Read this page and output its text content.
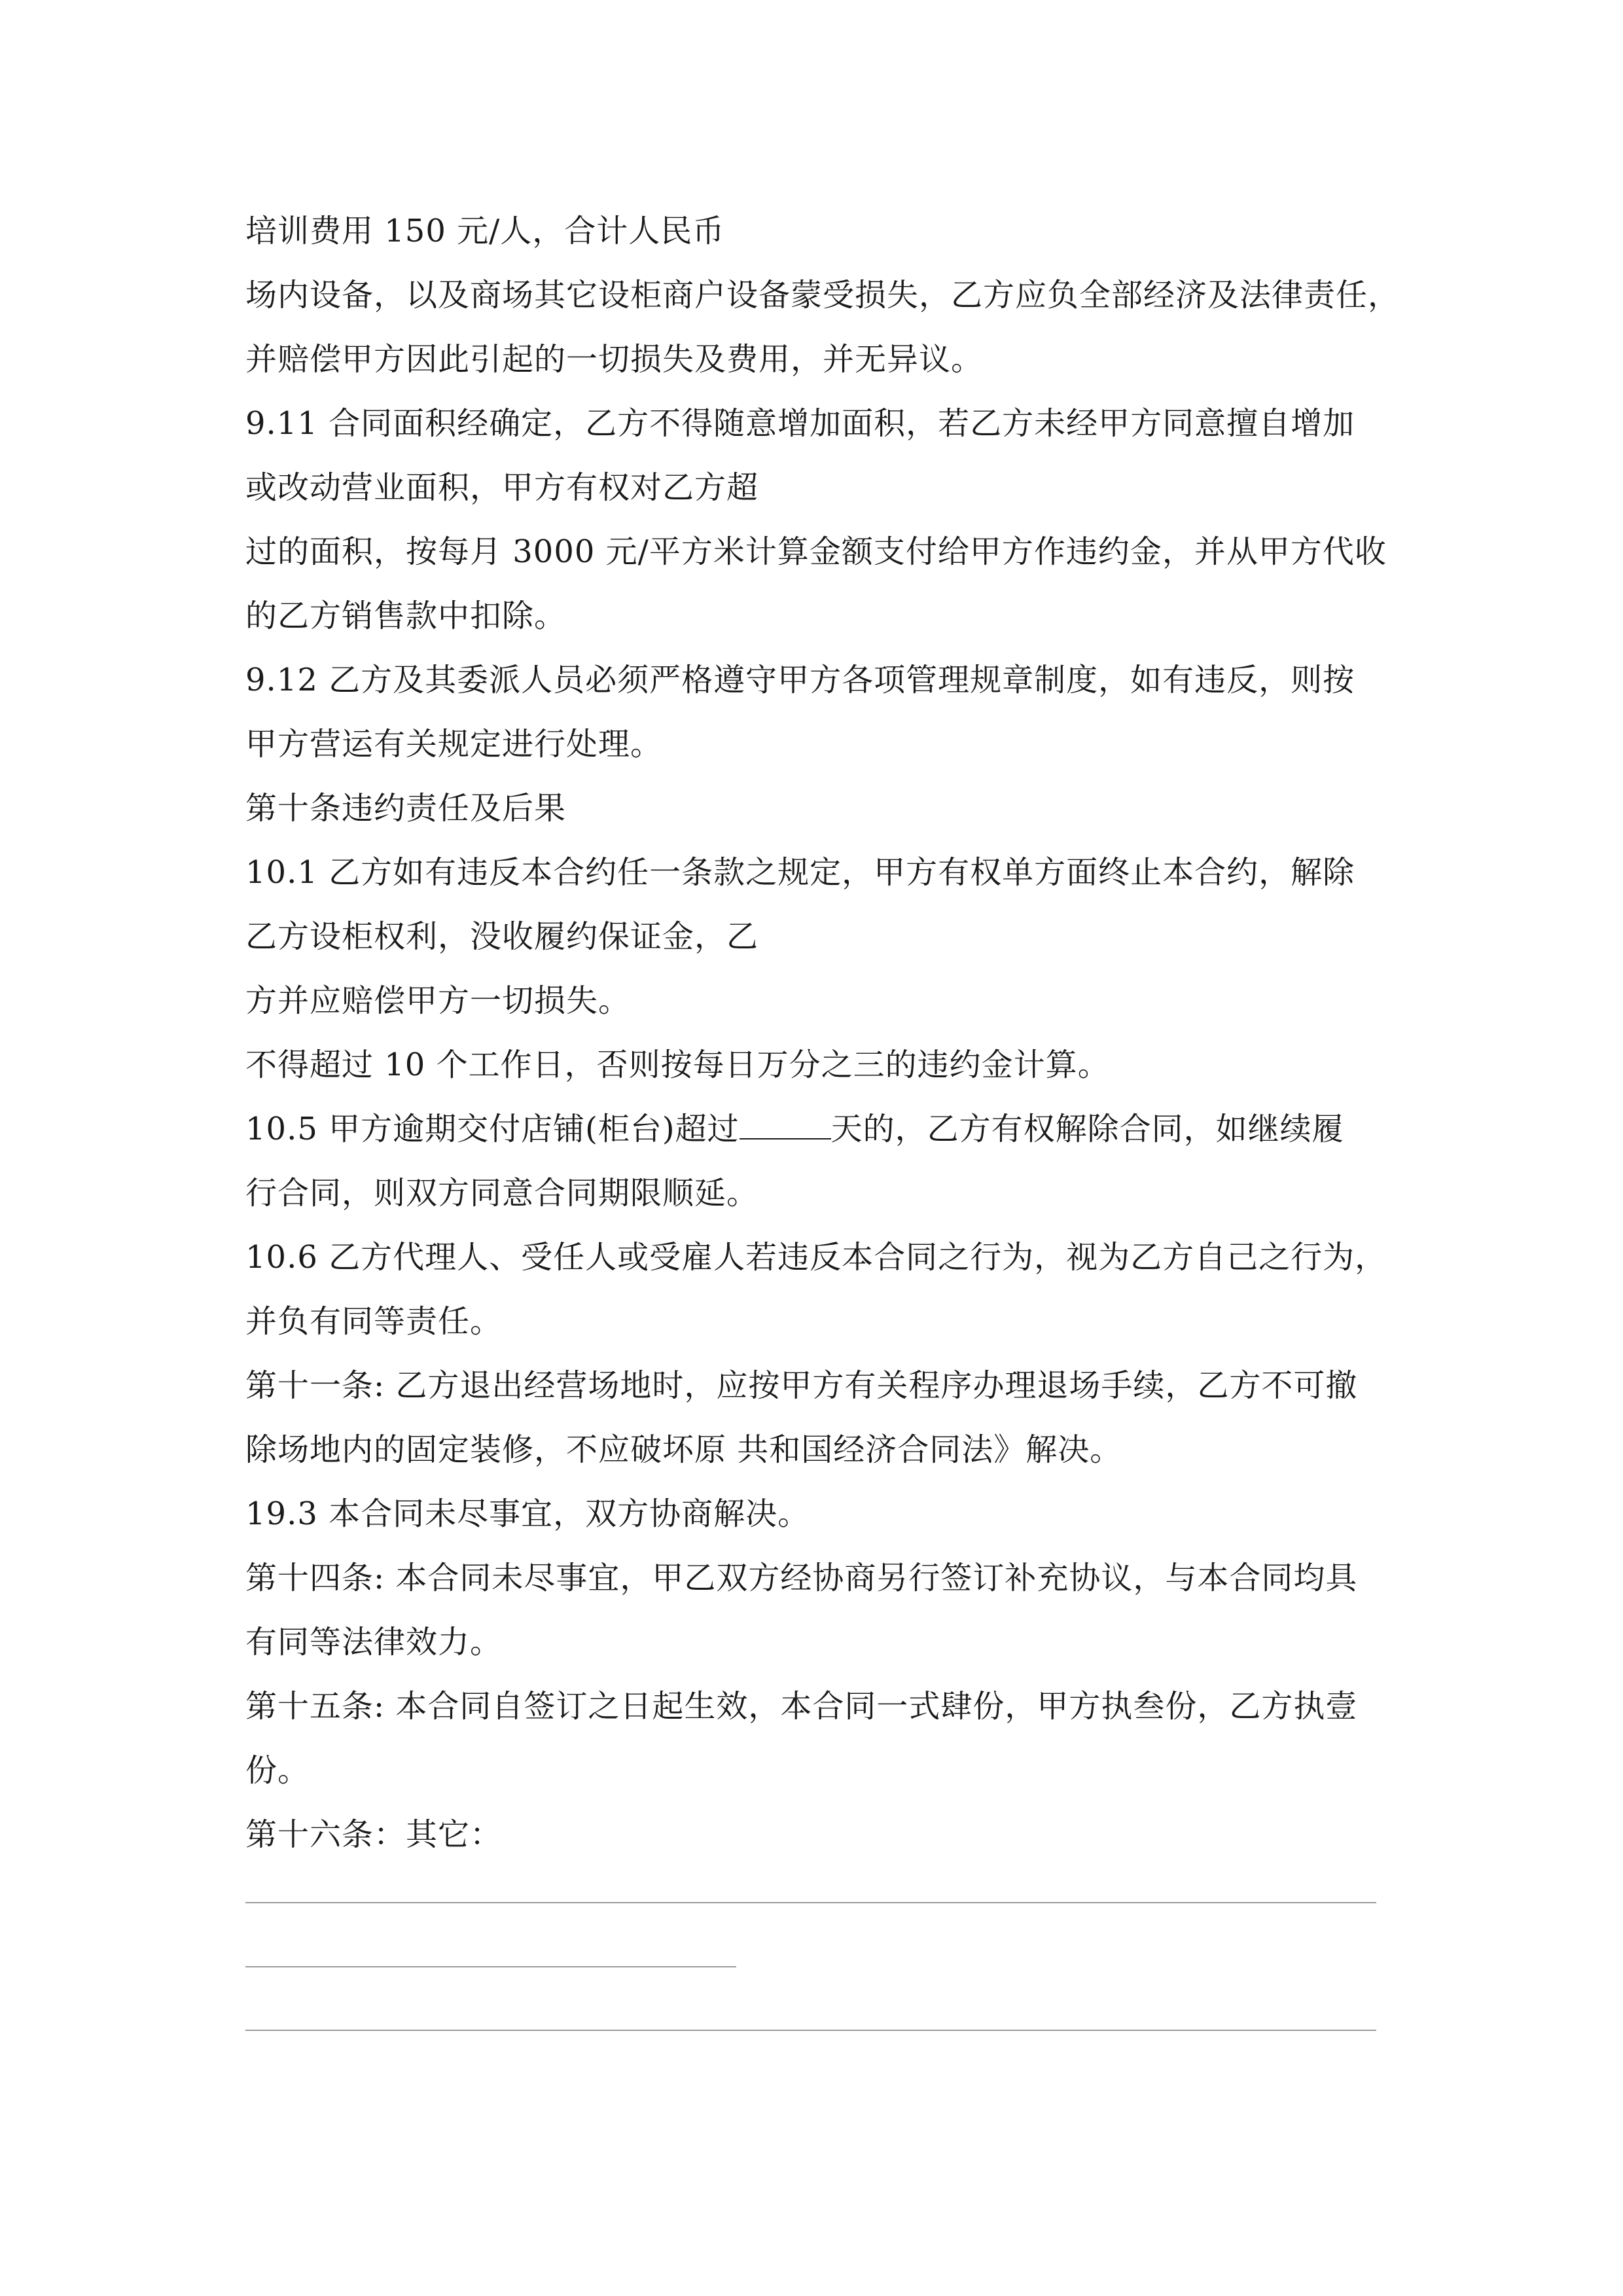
培训费用 150 元/人，合计人民币
场内设备，以及商场其它设柜商户设备蒙受损失，乙方应负全部经济及法律责任，
并赔偿甲方因此引起的一切损失及费用，并无异议。
9.11 合同面积经确定，乙方不得随意增加面积，若乙方未经甲方同意擅自增加
或改动营业面积，甲方有权对乙方超
过的面积，按每月 3000 元/平方米计算金额支付给甲方作违约金，并从甲方代收
的乙方销售款中扣除。
9.12 乙方及其委派人员必须严格遵守甲方各项管理规章制度，如有违反，则按
甲方营运有关规定进行处理。
第十条违约责任及后果
10.1 乙方如有违反本合约任一条款之规定，甲方有权单方面终止本合约，解除
乙方设柜权利，没收履约保证金，乙
方并应赔偿甲方一切损失。
不得超过 10 个工作日，否则按每日万分之三的违约金计算。
10.5 甲方逾期交付店铺(柜台)超过	天的，乙方有权解除合同，如继续履
行合同，则双方同意合同期限顺延。
10.6 乙方代理人、受任人或受雇人若违反本合同之行为，视为乙方自己之行为，
并负有同等责任。
第十一条: 乙方退出经营场地时，应按甲方有关程序办理退场手续，乙方不可撤
除场地内的固定装修，不应破坏原 共和国经济合同法》解决。
19.3 本合同未尽事宜，双方协商解决。
第十四条: 本合同未尽事宜，甲乙双方经协商另行签订补充协议，与本合同均具
有同等法律效力。
第十五条: 本合同自签订之日起生效，本合同一式肆份，甲方执叁份，乙方执壹
份。
第十六条：其它：
